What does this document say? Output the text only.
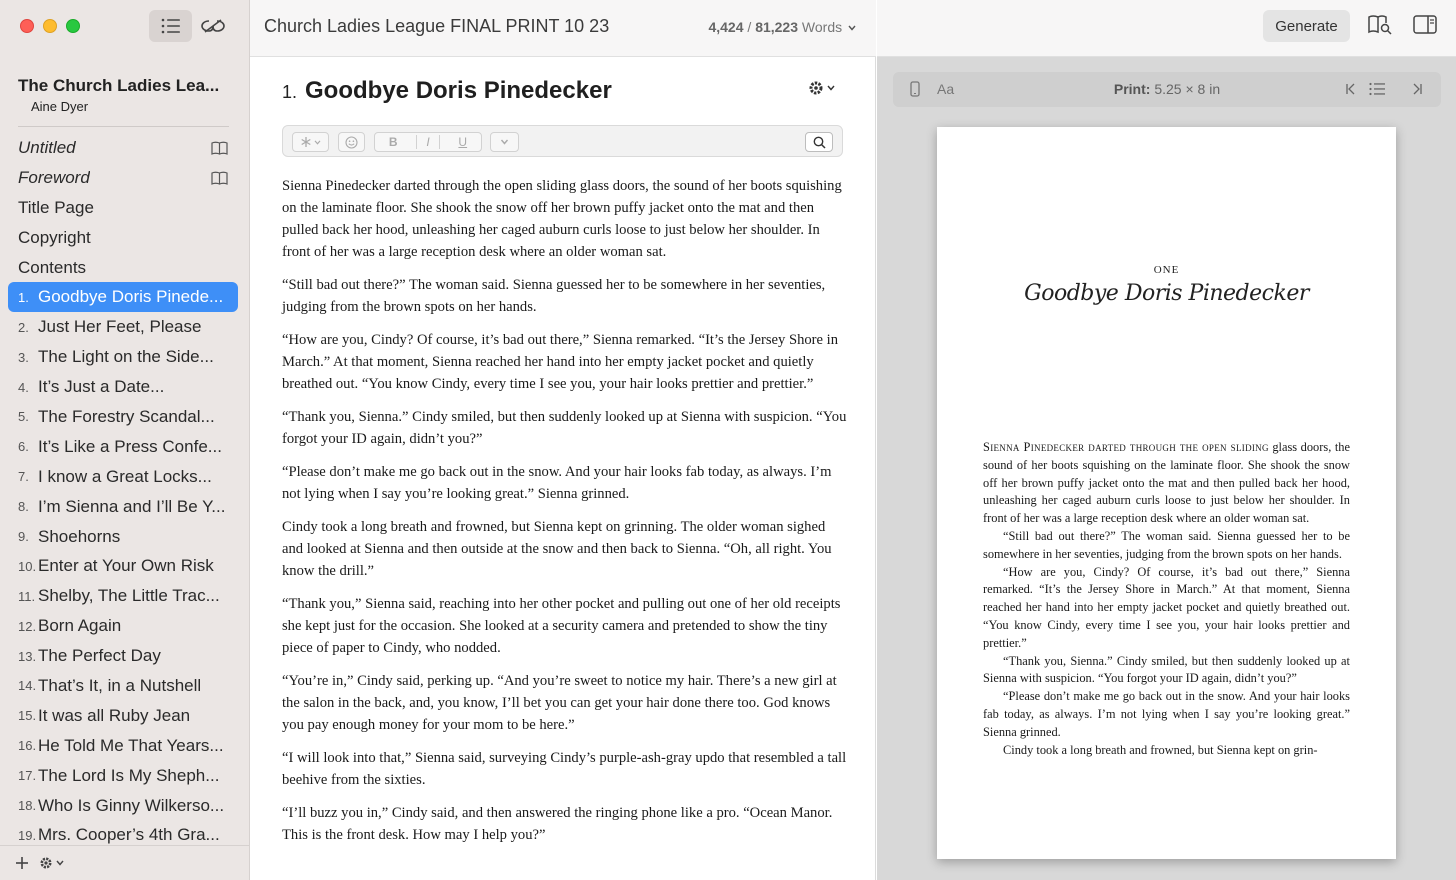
The Church Ladies Lea...
Aine Dyer
Untitled
Foreword
Title Page
Copyright
Contents
1. Goodbye Doris Pinede...
2. Just Her Feet, Please
3. The Light on the Side...
4. It’s Just a Date...
5. The Forestry Scandal...
6. It’s Like a Press Confe...
7. I know a Great Locks...
8. I’m Sienna and I’ll Be Y...
9. Shoehorns
10. Enter at Your Own Risk
11. Shelby, The Little Trac...
12. Born Again
13. The Perfect Day
14. That’s It, in a Nutshell
15. It was all Ruby Jean
16. He Told Me That Years...
17. The Lord Is My Sheph...
18. Who Is Ginny Wilkerso...
19. Mrs. Cooper’s 4th Gra...
Church Ladies League FINAL PRINT 10 23	4,424 / 81,223 Words
1. Goodbye Doris Pinedecker
B	I	U

Sienna Pinedecker darted through the open sliding glass doors, the sound of her boots squishing on the laminate floor. She shook the snow off her brown puffy jacket onto the mat and then pulled back her hood, unleashing her caged auburn curls loose to just below her shoulder. In front of her was a large reception desk where an older woman sat.

“Still bad out there?” The woman said. Sienna guessed her to be somewhere in her seventies, judging from the brown spots on her hands.

“How are you, Cindy? Of course, it’s bad out there,” Sienna remarked. “It’s the Jersey Shore in March.” At that moment, Sienna reached her hand into her empty jacket pocket and quietly breathed out. “You know Cindy, every time I see you, your hair looks prettier and prettier.”

“Thank you, Sienna.” Cindy smiled, but then suddenly looked up at Sienna with suspicion. “You forgot your ID again, didn’t you?”

“Please don’t make me go back out in the snow. And your hair looks fab today, as always. I’m not lying when I say you’re looking great.” Sienna grinned.

Cindy took a long breath and frowned, but Sienna kept on grinning. The older woman sighed and looked at Sienna and then outside at the snow and then back to Sienna. “Oh, all right. You know the drill.”

“Thank you,” Sienna said, reaching into her other pocket and pulling out one of her old receipts she kept just for the occasion. She looked at a security camera and pretended to show the tiny piece of paper to Cindy, who nodded.

“You’re in,” Cindy said, perking up. “And you’re sweet to notice my hair. There’s a new girl at the salon in the back, and, you know, I’ll bet you can get your hair done there too. God knows you pay enough money for your mom to be here.”

“I will look into that,” Sienna said, surveying Cindy’s purple-ash-gray updo that resembled a tall beehive from the sixties.

“I’ll buzz you in,” Cindy said, and then answered the ringing phone like a pro. “Ocean Manor. This is the front desk. How may I help you?”

Generate
Aa	Print: 5.25 × 8 in
ONE
Goodbye Doris Pinedecker

Sienna Pinedecker darted through the open sliding glass doors, the sound of her boots squishing on the laminate floor. She shook the snow off her brown puffy jacket onto the mat and then pulled back her hood, unleashing her caged auburn curls loose to just below her shoulder. In front of her was a large reception desk where an older woman sat.

“Still bad out there?” The woman said. Sienna guessed her to be somewhere in her seventies, judging from the brown spots on her hands.

“How are you, Cindy? Of course, it’s bad out there,” Sienna remarked. “It’s the Jersey Shore in March.” At that moment, Sienna reached her hand into her empty jacket pocket and quietly breathed out. “You know Cindy, every time I see you, your hair looks prettier and prettier.”

“Thank you, Sienna.” Cindy smiled, but then suddenly looked up at Sienna with suspicion. “You forgot your ID again, didn’t you?”

“Please don’t make me go back out in the snow. And your hair looks fab today, as always. I’m not lying when I say you’re looking great.” Sienna grinned.

Cindy took a long breath and frowned, but Sienna kept on grin-
